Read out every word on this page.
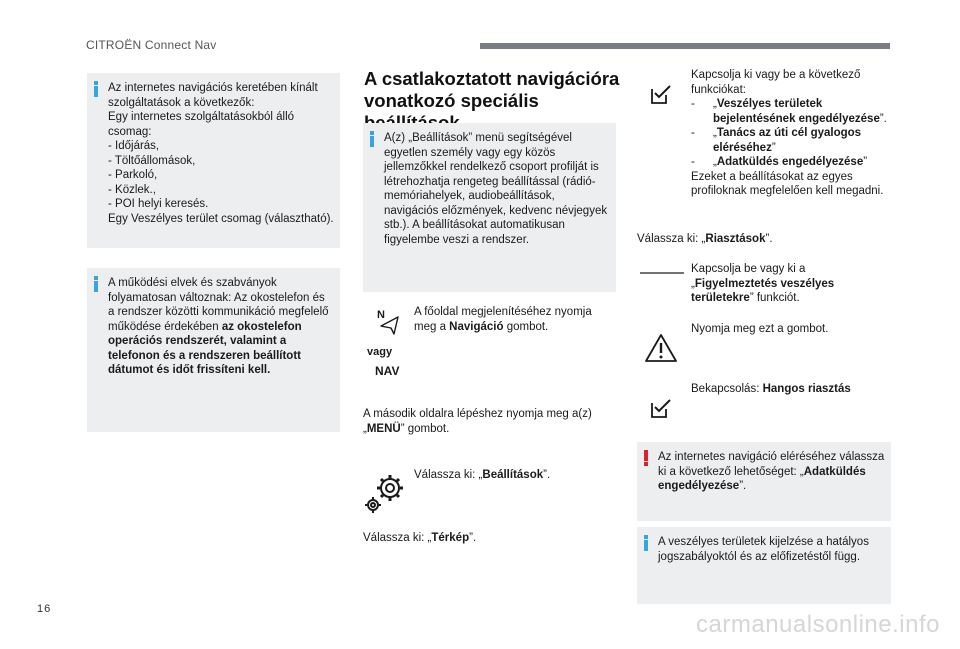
CITROËN Connect Nav
Az internetes navigációs keretében kínált szolgáltatások a következők:
Egy internetes szolgáltatásokból álló csomag:
- Időjárás,
- Töltőállomások,
- Parkoló,
- Közlek.,
- POI helyi keresés.
Egy Veszélyes terület csomag (választható).
A működési elvek és szabványok folyamatosan változnak: Az okostelefon és a rendszer közötti kommunikáció megfelelő működése érdekében az okostelefon operációs rendszerét, valamint a telefonon és a rendszeren beállított dátumot és időt frissíteni kell.
A csatlakoztatott navigációra vonatkozó speciális
A(z) „Beállítások” menü segítségével egyetlen személy vagy egy közös jellemzőkkel rendelkező csoport profilját is létrehozhatja rengeteg beállítással (rádió-memóriahelyek, audiobeállítások, navigációs előzmények, kedvenc névjegyek stb.). A beállításokat automatikusan figyelembe veszi a rendszer.
N
vagy
NAV
A főoldal megjelenítéséhez nyomja meg a Navigáció gombot.
A második oldalra lépéshez nyomja meg a(z) „MENÜ” gombot.
Válassza ki: „Beállítások”.
Válassza ki: „Térkép”.
Kapcsolja ki vagy be a következő funkciókat:
- „Veszélyes területek bejelentésének engedélyezése”.
- „Tanács az úti cél gyalogos eléréséhez”
- „Adatküldés engedélyezése”
Ezeket a beállításokat az egyes profiloknak megfelelően kell megadni.
Válassza ki: „Riasztások”.
Kapcsolja be vagy ki a „Figyelmeztetés veszélyes területekre” funkciót.
Nyomja meg ezt a gombot.
Bekapcsolás: Hangos riasztás
Az internetes navigáció eléréséhez válassza ki a következő lehetőséget: „Adatküldés engedélyezése”.
A veszélyes területek kijelzése a hatályos jogszabályoktól és az előfizetéstől függ.
16
carmanualsonline.info
